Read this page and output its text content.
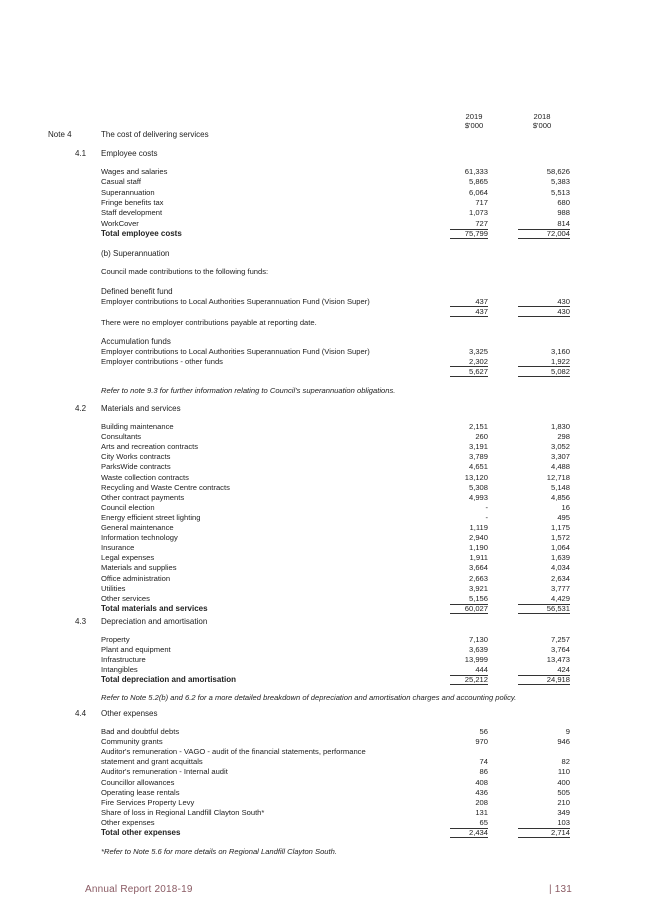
2019	2018
$'000	$'000
Note 4	The cost of delivering services
4.1 Employee costs
Wages and salaries	61,333	58,626
Casual staff	5,865	5,383
Superannuation	6,064	5,513
Fringe benefits tax	717	680
Staff development	1,073	988
WorkCover	727	814
Total employee costs	75,799	72,004
(b) Superannuation
Council made contributions to the following funds:
Defined benefit fund
Employer contributions to Local Authorities Superannuation Fund (Vision Super)	437	430
437	430
There were no employer contributions payable at reporting date.
Accumulation funds
Employer contributions to Local Authorities Superannuation Fund (Vision Super)	3,325	3,160
Employer contributions - other funds	2,302	1,922
5,627	5,082
Refer to note 9.3 for further information relating to Council's superannuation obligations.
4.2 Materials and services
Building maintenance	2,151	1,830
Consultants	260	298
Arts and recreation contracts	3,191	3,052
City Works contracts	3,789	3,307
ParksWide contracts	4,651	4,488
Waste collection contracts	13,120	12,718
Recycling and Waste Centre contracts	5,308	5,148
Other contract payments	4,993	4,856
Council election	-	16
Energy efficient street lighting	-	495
General maintenance	1,119	1,175
Information technology	2,940	1,572
Insurance	1,190	1,064
Legal expenses	1,911	1,639
Materials and supplies	3,664	4,034
Office administration	2,663	2,634
Utilities	3,921	3,777
Other services	5,156	4,429
Total materials and services	60,027	56,531
4.3 Depreciation and amortisation
Property	7,130	7,257
Plant and equipment	3,639	3,764
Infrastructure	13,999	13,473
Intangibles	444	424
Total depreciation and amortisation	25,212	24,918
Refer to Note 5.2(b) and 6.2 for a more detailed breakdown of depreciation and amortisation charges and accounting policy.
4.4 Other expenses
Bad and doubtful debts	56	9
Community grants	970	946
Auditor's remuneration - VAGO - audit of the financial statements, performance
statement and grant acquittals	74	82
Auditor's remuneration - Internal audit	86	110
Councillor allowances	408	400
Operating lease rentals	436	505
Fire Services Property Levy	208	210
Share of loss in Regional Landfill Clayton South*	131	349
Other expenses	65	103
Total other expenses	2,434	2,714
*Refer to Note 5.6 for more details on Regional Landfill Clayton South.
Annual Report 2018-19	| 131
